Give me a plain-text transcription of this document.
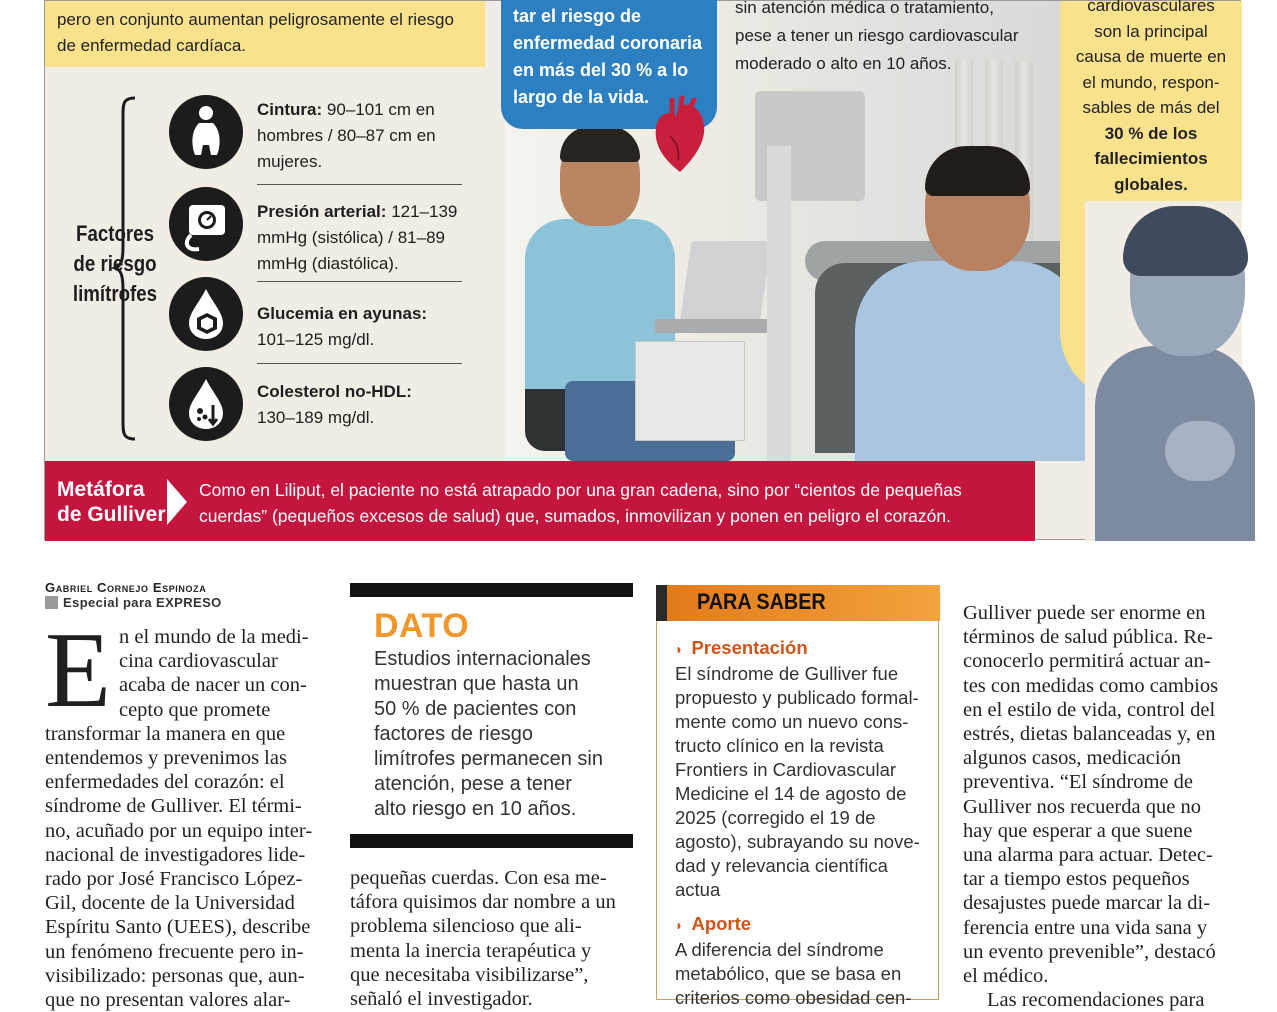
pero en conjunto aumentan peligrosamente el riesgo
de enfermedad cardíaca.
tar el riesgo de
enfermedad coronaria
en más del 30 % a lo
largo de la vida.
sin atención médica o tratamiento,
pese a tener un riesgo cardiovascular
moderado o alto en 10 años.
cardiovasculares
son la principal
causa de muerte en
el mundo, respon-
sables de más del
30 % de los
fallecimientos
globales.
Factores
de riesgo
limítrofes
Cintura: 90–101 cm en
hombres / 80–87 cm en
mujeres.
Presión arterial: 121–139
mmHg (sistólica) / 81–89
mmHg (diastólica).
Glucemia en ayunas:
101–125 mg/dl.
Colesterol no-HDL:
130–189 mg/dl.
Metáfora
de Gulliver
Como en Liliput, el paciente no está atrapado por una gran cadena, sino por “cientos de pequeñas
cuerdas” (pequeños excesos de salud) que, sumados, inmovilizan y ponen en peligro el corazón.
Gabriel Cornejo Espinoza
Especial para EXPRESO
E n el mundo de la medi-
cina cardiovascular
acaba de nacer un con-
cepto que promete
transformar la manera en que
entendemos y prevenimos las
enfermedades del corazón: el
síndrome de Gulliver. El térmi-
no, acuñado por un equipo inter-
nacional de investigadores lide-
rado por José Francisco López-
Gil, docente de la Universidad
Espíritu Santo (UEES), describe
un fenómeno frecuente pero in-
visibilizado: personas que, aun-
que no presentan valores alar-
DATO
Estudios internacionales
muestran que hasta un
50 % de pacientes con
factores de riesgo
limítrofes permanecen sin
atención, pese a tener
alto riesgo en 10 años.
pequeñas cuerdas. Con esa me-
táfora quisimos dar nombre a un
problema silencioso que ali-
menta la inercia terapéutica y
que necesitaba visibilizarse”,
señaló el investigador.
PARA SABER
◗ Presentación
El síndrome de Gulliver fue
propuesto y publicado formal-
mente como un nuevo cons-
tructo clínico en la revista
Frontiers in Cardiovascular
Medicine el 14 de agosto de
2025 (corregido el 19 de
agosto), subrayando su nove-
dad y relevancia científica
actua
◗ Aporte
A diferencia del síndrome
metabólico, que se basa en
criterios como obesidad cen-
Gulliver puede ser enorme en
términos de salud pública. Re-
conocerlo permitirá actuar an-
tes con medidas como cambios
en el estilo de vida, control del
estrés, dietas balanceadas y, en
algunos casos, medicación
preventiva. “El síndrome de
Gulliver nos recuerda que no
hay que esperar a que suene
una alarma para actuar. Detec-
tar a tiempo estos pequeños
desajustes puede marcar la di-
ferencia entre una vida sana y
un evento prevenible”, destacó
el médico.
Las recomendaciones para
